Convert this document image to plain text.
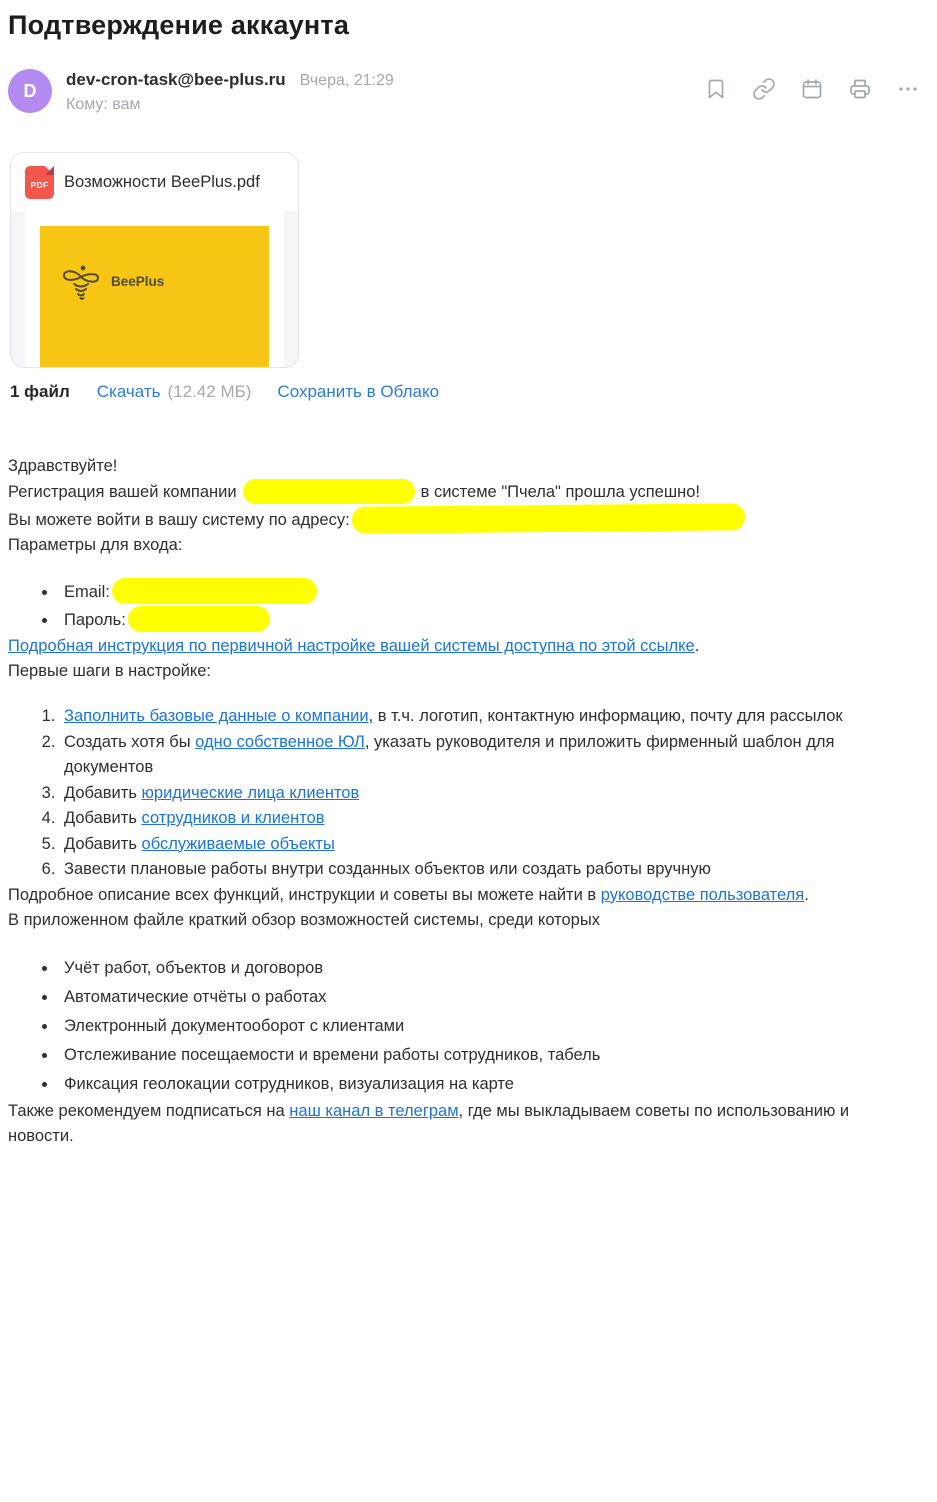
Подтверждение аккаунта
D
dev-cron-task@bee-plus.ru Вчера, 21:29
Кому: вам
PDF Возможности BeePlus.pdf
BeePlus
1 файл Скачать (12.42 МБ) Сохранить в Облако

Здравствуйте!

Регистрация вашей компании	в системе "Пчела" прошла успешно!

Вы можете войти в вашу систему по адресу:

Параметры для входа:

• Email:
• Пароль:

Подробная инструкция по первичной настройке вашей системы доступна по этой ссылке.

Первые шаги в настройке:

1. Заполнить базовые данные о компании, в т.ч. логотип, контактную информацию, почту для рассылок
2. Создать хотя бы одно собственное ЮЛ, указать руководителя и приложить фирменный шаблон для документов
3. Добавить юридические лица клиентов
4. Добавить сотрудников и клиентов
5. Добавить обслуживаемые объекты
6. Завести плановые работы внутри созданных объектов или создать работы вручную

Подробное описание всех функций, инструкции и советы вы можете найти в руководстве пользователя.

В приложенном файле краткий обзор возможностей системы, среди которых

• Учёт работ, объектов и договоров
• Автоматические отчёты о работах
• Электронный документооборот с клиентами
• Отслеживание посещаемости и времени работы сотрудников, табель
• Фиксация геолокации сотрудников, визуализация на карте

Также рекомендуем подписаться на наш канал в телеграм, где мы выкладываем советы по использованию и новости.
